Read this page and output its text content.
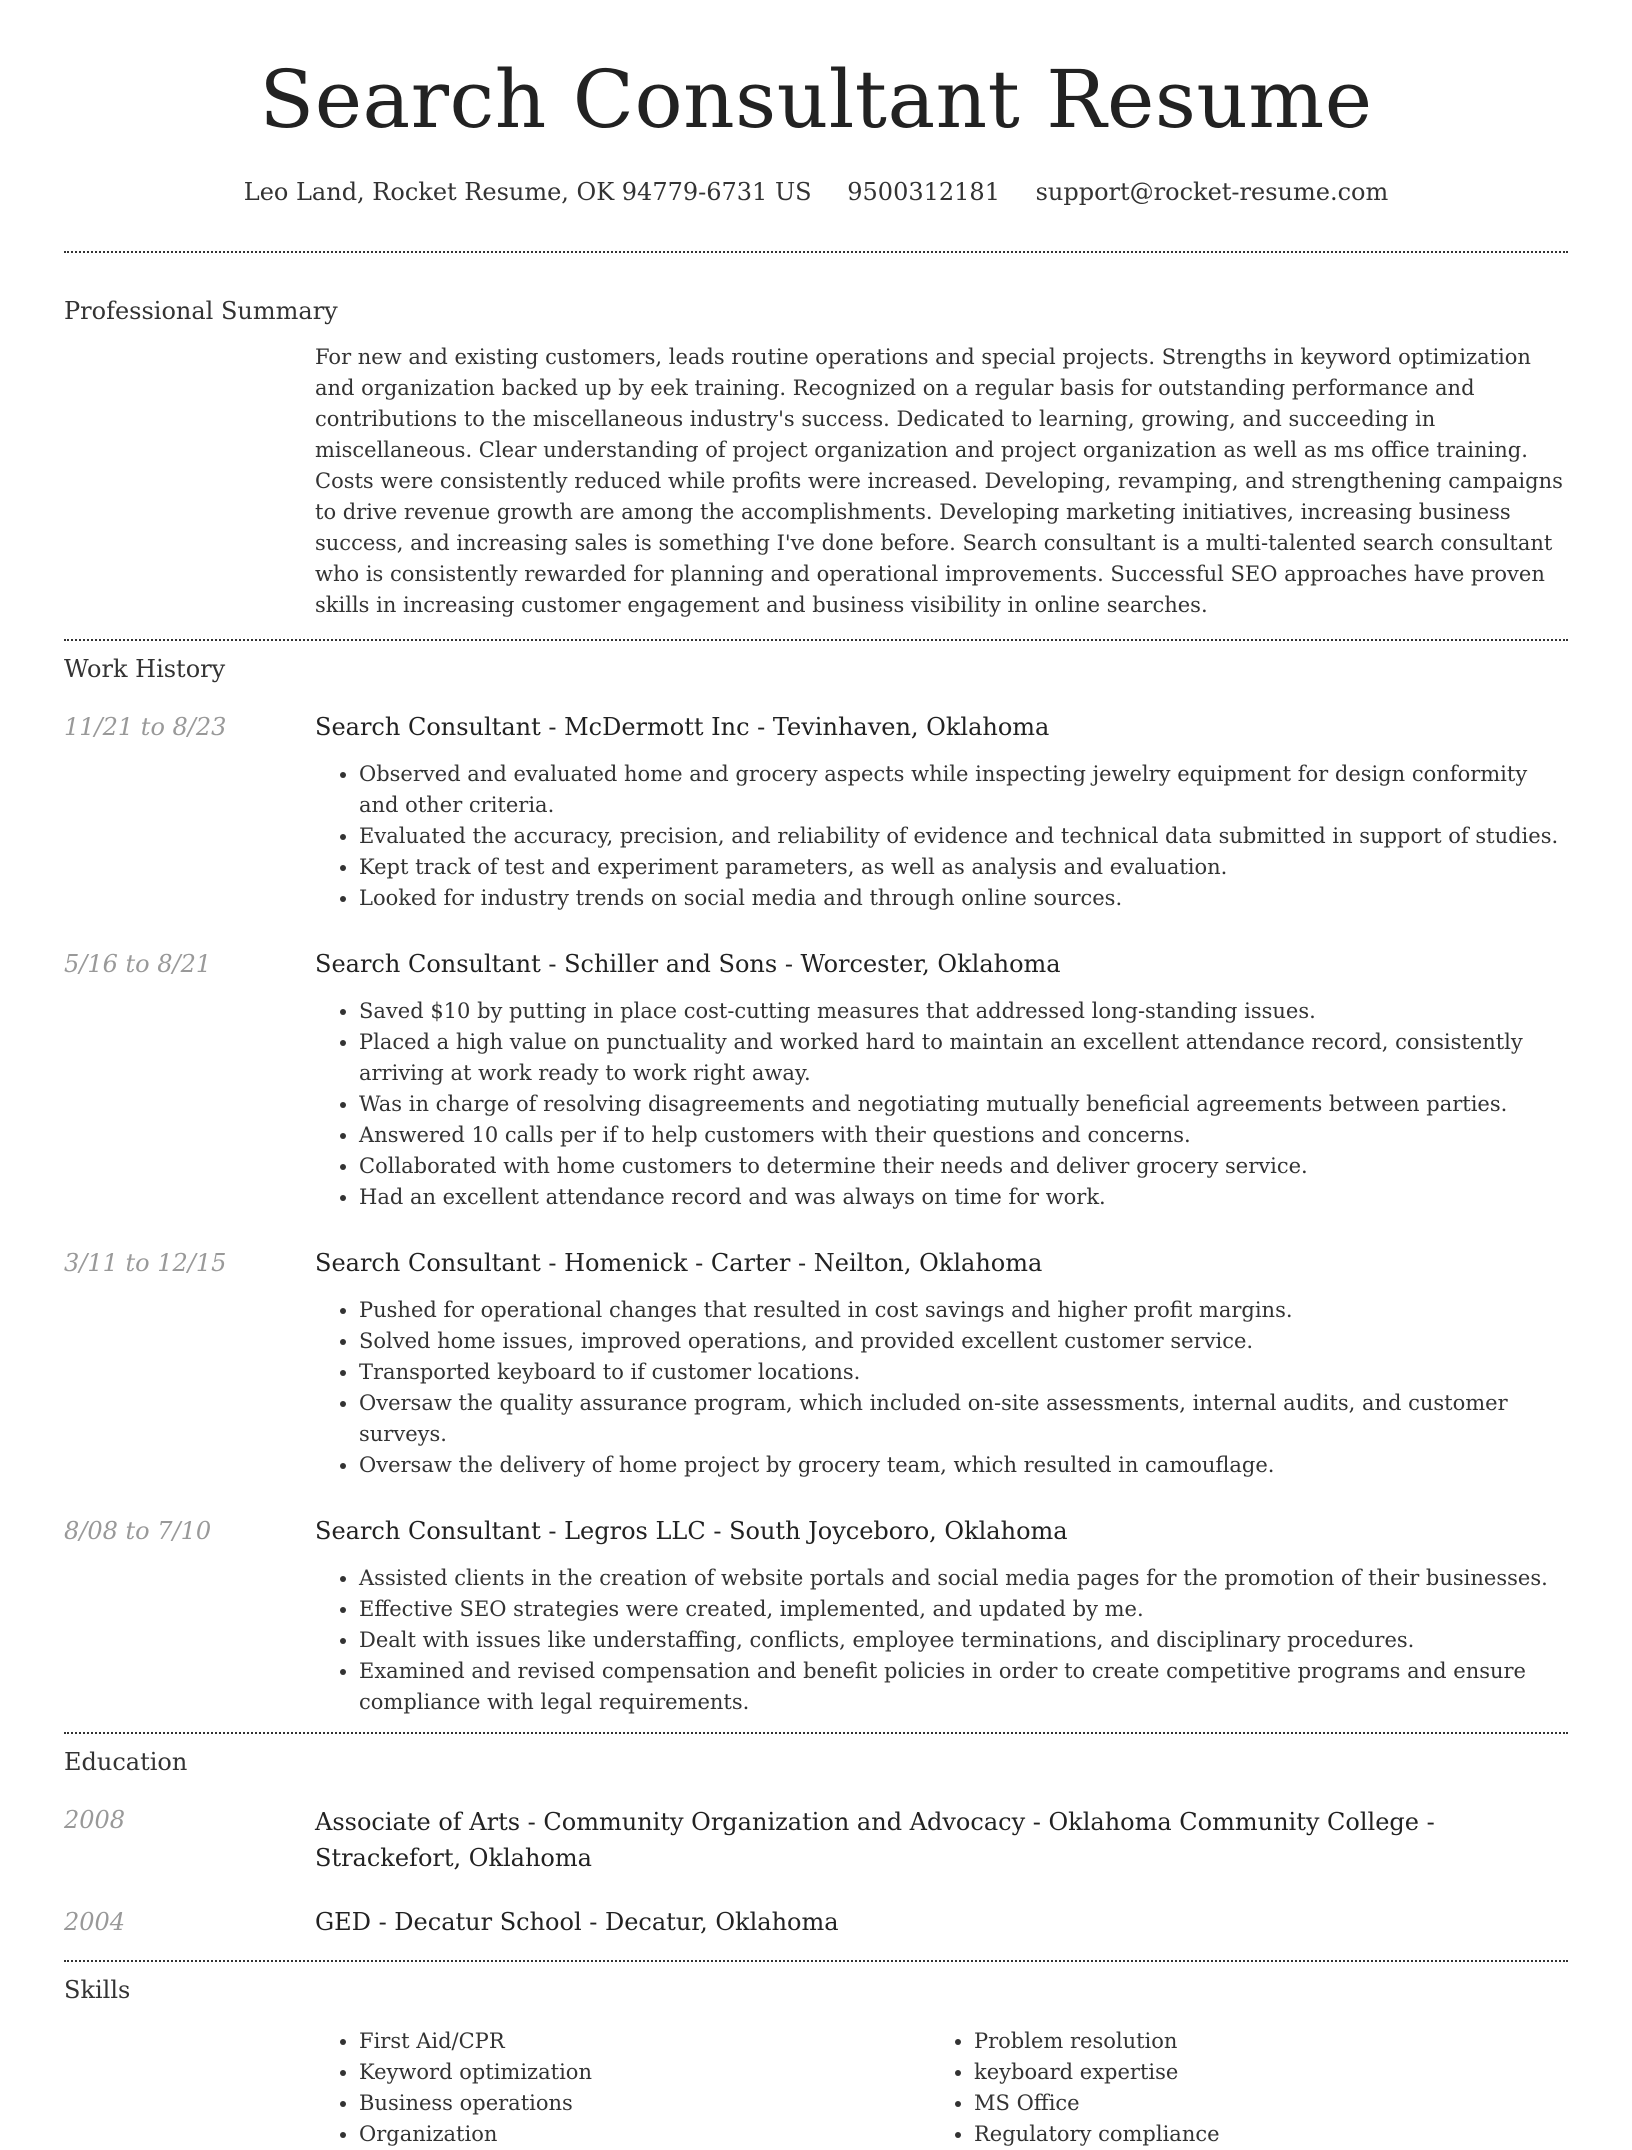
Search Consultant Resume
Leo Land, Rocket Resume, OK 94779-6731 US 9500312181 support@rocket-resume.com
Professional Summary

For new and existing customers, leads routine operations and special projects. Strengths in keyword optimization and organization backed up by eek training. Recognized on a regular basis for outstanding performance and contributions to the miscellaneous industry's success. Dedicated to learning, growing, and succeeding in miscellaneous. Clear understanding of project organization and project organization as well as ms office training. Costs were consistently reduced while profits were increased. Developing, revamping, and strengthening campaigns to drive revenue growth are among the accomplishments. Developing marketing initiatives, increasing business success, and increasing sales is something I've done before. Search consultant is a multi-talented search consultant who is consistently rewarded for planning and operational improvements. Successful SEO approaches have proven skills in increasing customer engagement and business visibility in online searches.

Work History
11/21 to 8/23	Search Consultant - McDermott Inc - Tevinhaven, Oklahoma
• Observed and evaluated home and grocery aspects while inspecting jewelry equipment for design conformity and other criteria.
• Evaluated the accuracy, precision, and reliability of evidence and technical data submitted in support of studies.
• Kept track of test and experiment parameters, as well as analysis and evaluation.
• Looked for industry trends on social media and through online sources.
5/16 to 8/21	Search Consultant - Schiller and Sons - Worcester, Oklahoma
• Saved $10 by putting in place cost-cutting measures that addressed long-standing issues.
• Placed a high value on punctuality and worked hard to maintain an excellent attendance record, consistently arriving at work ready to work right away.
• Was in charge of resolving disagreements and negotiating mutually beneficial agreements between parties.
• Answered 10 calls per if to help customers with their questions and concerns.
• Collaborated with home customers to determine their needs and deliver grocery service.
• Had an excellent attendance record and was always on time for work.
3/11 to 12/15	Search Consultant - Homenick - Carter - Neilton, Oklahoma
• Pushed for operational changes that resulted in cost savings and higher profit margins.
• Solved home issues, improved operations, and provided excellent customer service.
• Transported keyboard to if customer locations.
• Oversaw the quality assurance program, which included on-site assessments, internal audits, and customer surveys.
• Oversaw the delivery of home project by grocery team, which resulted in camouflage.
8/08 to 7/10	Search Consultant - Legros LLC - South Joyceboro, Oklahoma
• Assisted clients in the creation of website portals and social media pages for the promotion of their businesses.
• Effective SEO strategies were created, implemented, and updated by me.
• Dealt with issues like understaffing, conflicts, employee terminations, and disciplinary procedures.
• Examined and revised compensation and benefit policies in order to create competitive programs and ensure compliance with legal requirements.
Education
2008	Associate of Arts - Community Organization and Advocacy - Oklahoma Community College - Strackefort, Oklahoma
2004	GED - Decatur School - Decatur, Oklahoma
Skills
• First Aid/CPR
• Keyword optimization
• Business operations
• Organization
• Problem resolution
• keyboard expertise
• MS Office
• Regulatory compliance
